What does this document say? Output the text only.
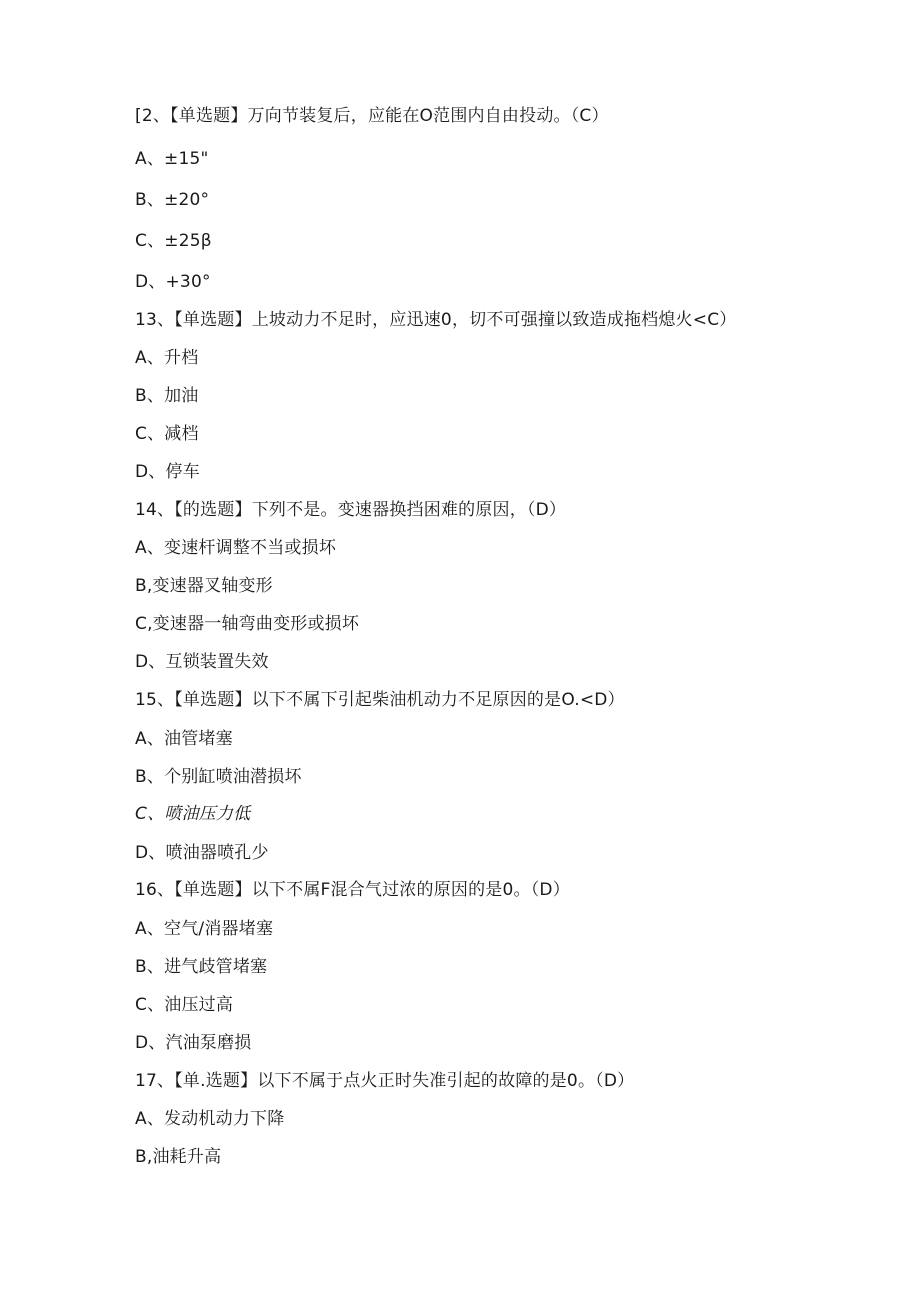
[2、【单选题】万向节装复后，应能在O范围内自由投动。（C）
A、±15"
B、±20°
C、±25β
D、+30°
13、【单选题】上坡动力不足时，应迅速0，切不可强撞以致造成拖档熄火<C）
A、升档
B、加油
C、减档
D、停车
14、【的选题】下列不是。变速器换挡困难的原因，（D）
A、变速杆调整不当或损坏
B,变速器叉轴变形
C,变速器一轴弯曲变形或损坏
D、互锁装置失效
15、【单选题】以下不属下引起柴油机动力不足原因的是O.<D）
A、油管堵塞
B、个别缸喷油潜损坏
C、喷油压力低
D、喷油器喷孔少
16、【单选题】以下不属F混合气过浓的原因的是0。（D）
A、空气/消器堵塞
B、进气歧管堵塞
C、油压过高
D、汽油泵磨损
17、【单.选题】以下不属于点火正时失准引起的故障的是0。（D）
A、发动机动力下降
B,油耗升高
